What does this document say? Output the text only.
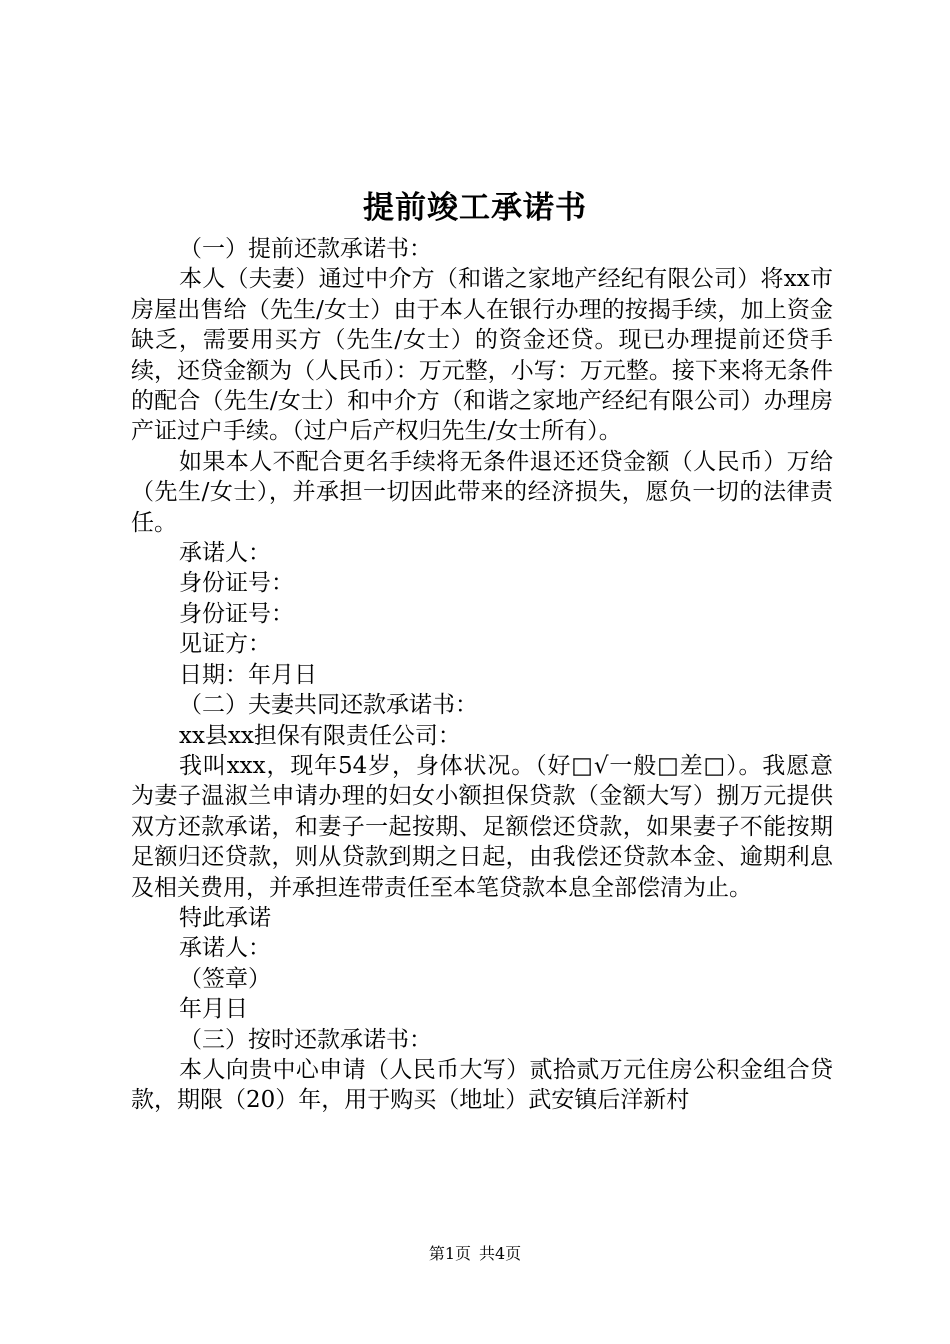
提前竣工承诺书

（一）提前还款承诺书：

本人（夫妻）通过中介方（和谐之家地产经纪有限公司）将xx市房屋出售给（先生/女士）由于本人在银行办理的按揭手续，加上资金缺乏，需要用买方（先生/女士）的资金还贷。现已办理提前还贷手续，还贷金额为（人民币）：万元整，小写：万元整。接下来将无条件的配合（先生/女士）和中介方（和谐之家地产经纪有限公司）办理房产证过户手续。（过户后产权归先生/女士所有）。

如果本人不配合更名手续将无条件退还还贷金额（人民币）万给（先生/女士），并承担一切因此带来的经济损失，愿负一切的法律责任。

承诺人：

身份证号：

身份证号：

见证方：

日期：年月日

（二）夫妻共同还款承诺书：

xx县xx担保有限责任公司：

我叫xxx，现年54岁，身体状况。（好□√一般□差□）。我愿意为妻子温淑兰申请办理的妇女小额担保贷款（金额大写）捌万元提供双方还款承诺，和妻子一起按期、足额偿还贷款，如果妻子不能按期足额归还贷款，则从贷款到期之日起，由我偿还贷款本金、逾期利息及相关费用，并承担连带责任至本笔贷款本息全部偿清为止。

特此承诺

承诺人：

（签章）

年月日

（三）按时还款承诺书：

本人向贵中心申请（人民币大写）贰拾贰万元住房公积金组合贷款，期限（20）年，用于购买（地址）武安镇后洋新村

第1页 共4页
